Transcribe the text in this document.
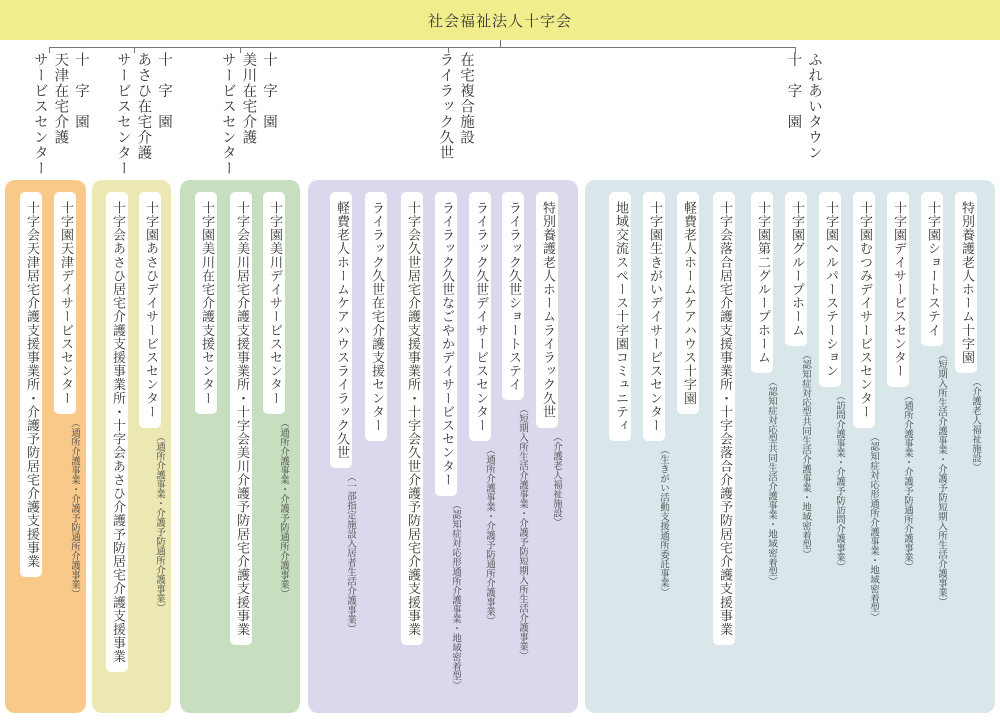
社会福祉法人十字会
十　字　園
天津在宅介護
サービスセンター	十　字　園
あさひ在宅介護
サービスセンター	十　字　園
美川在宅介護
サービスセンター	在宅複合施設
ライラック久世	ふれあいタウン
十　字　園
十字園天津デイサービスセンター
（通所介護事業・介護予防通所介護事業）
十字会天津居宅介護支援事業所・介護予防居宅介護支援事業	十字園あさひデイサービスセンター
（通所介護事業・介護予防通所介護事業）
十字会あさひ居宅介護支援事業所・十字会あさひ介護予防居宅介護支援事業	十字園美川デイサービスセンター
（通所介護事業・介護予防通所介護事業）
十字会美川居宅介護支援事業所・十字会美川介護予防居宅介護支援事業
十字園美川在宅介護支援センター	特別養護老人ホームライラック久世
（介護老人福祉施設）
ライラック久世ショートステイ
（短期入所生活介護事業・介護予防短期入所生活介護事業）
ライラック久世デイサービスセンター
（通所介護事業・介護予防通所介護事業）
ライラック久世なごやかデイサービスセンター
（認知症対応形通所介護事業・地域密着型）
十字会久世居宅介護支援事業所・十字会久世介護予防居宅介護支援事業
ライラック久世在宅介護支援センター
軽費老人ホームケアハウスライラック久世
（一部指定施設入居者生活介護事業）
特別養護老人ホーム十字園
（介護老人福祉施設）
十字園ショートステイ
（短期入所生活介護事業・介護予防短期入所生活介護事業）
十字園デイサービスセンター
（通所介護事業・介護予防通所介護事業）
十字園むつみデイサービスセンター
（認知症対応形通所介護事業・地域密着型）
十字園ヘルパーステーション
（訪問介護事業・介護予防訪問介護事業）
十字園グループホーム
（認知症対応型共同生活介護事業・地域密着型）
十字園第二グループホーム
（認知症対応型共同生活介護事業・地域密着型）
十字会落合居宅介護支援事業所・十字会落合介護予防居宅介護支援事業
軽費老人ホームケアハウス十字園
十字園生きがいデイサービスセンター
（生きがい活動支援通所委託事業）
地域交流スペース十字園コミュニティ
